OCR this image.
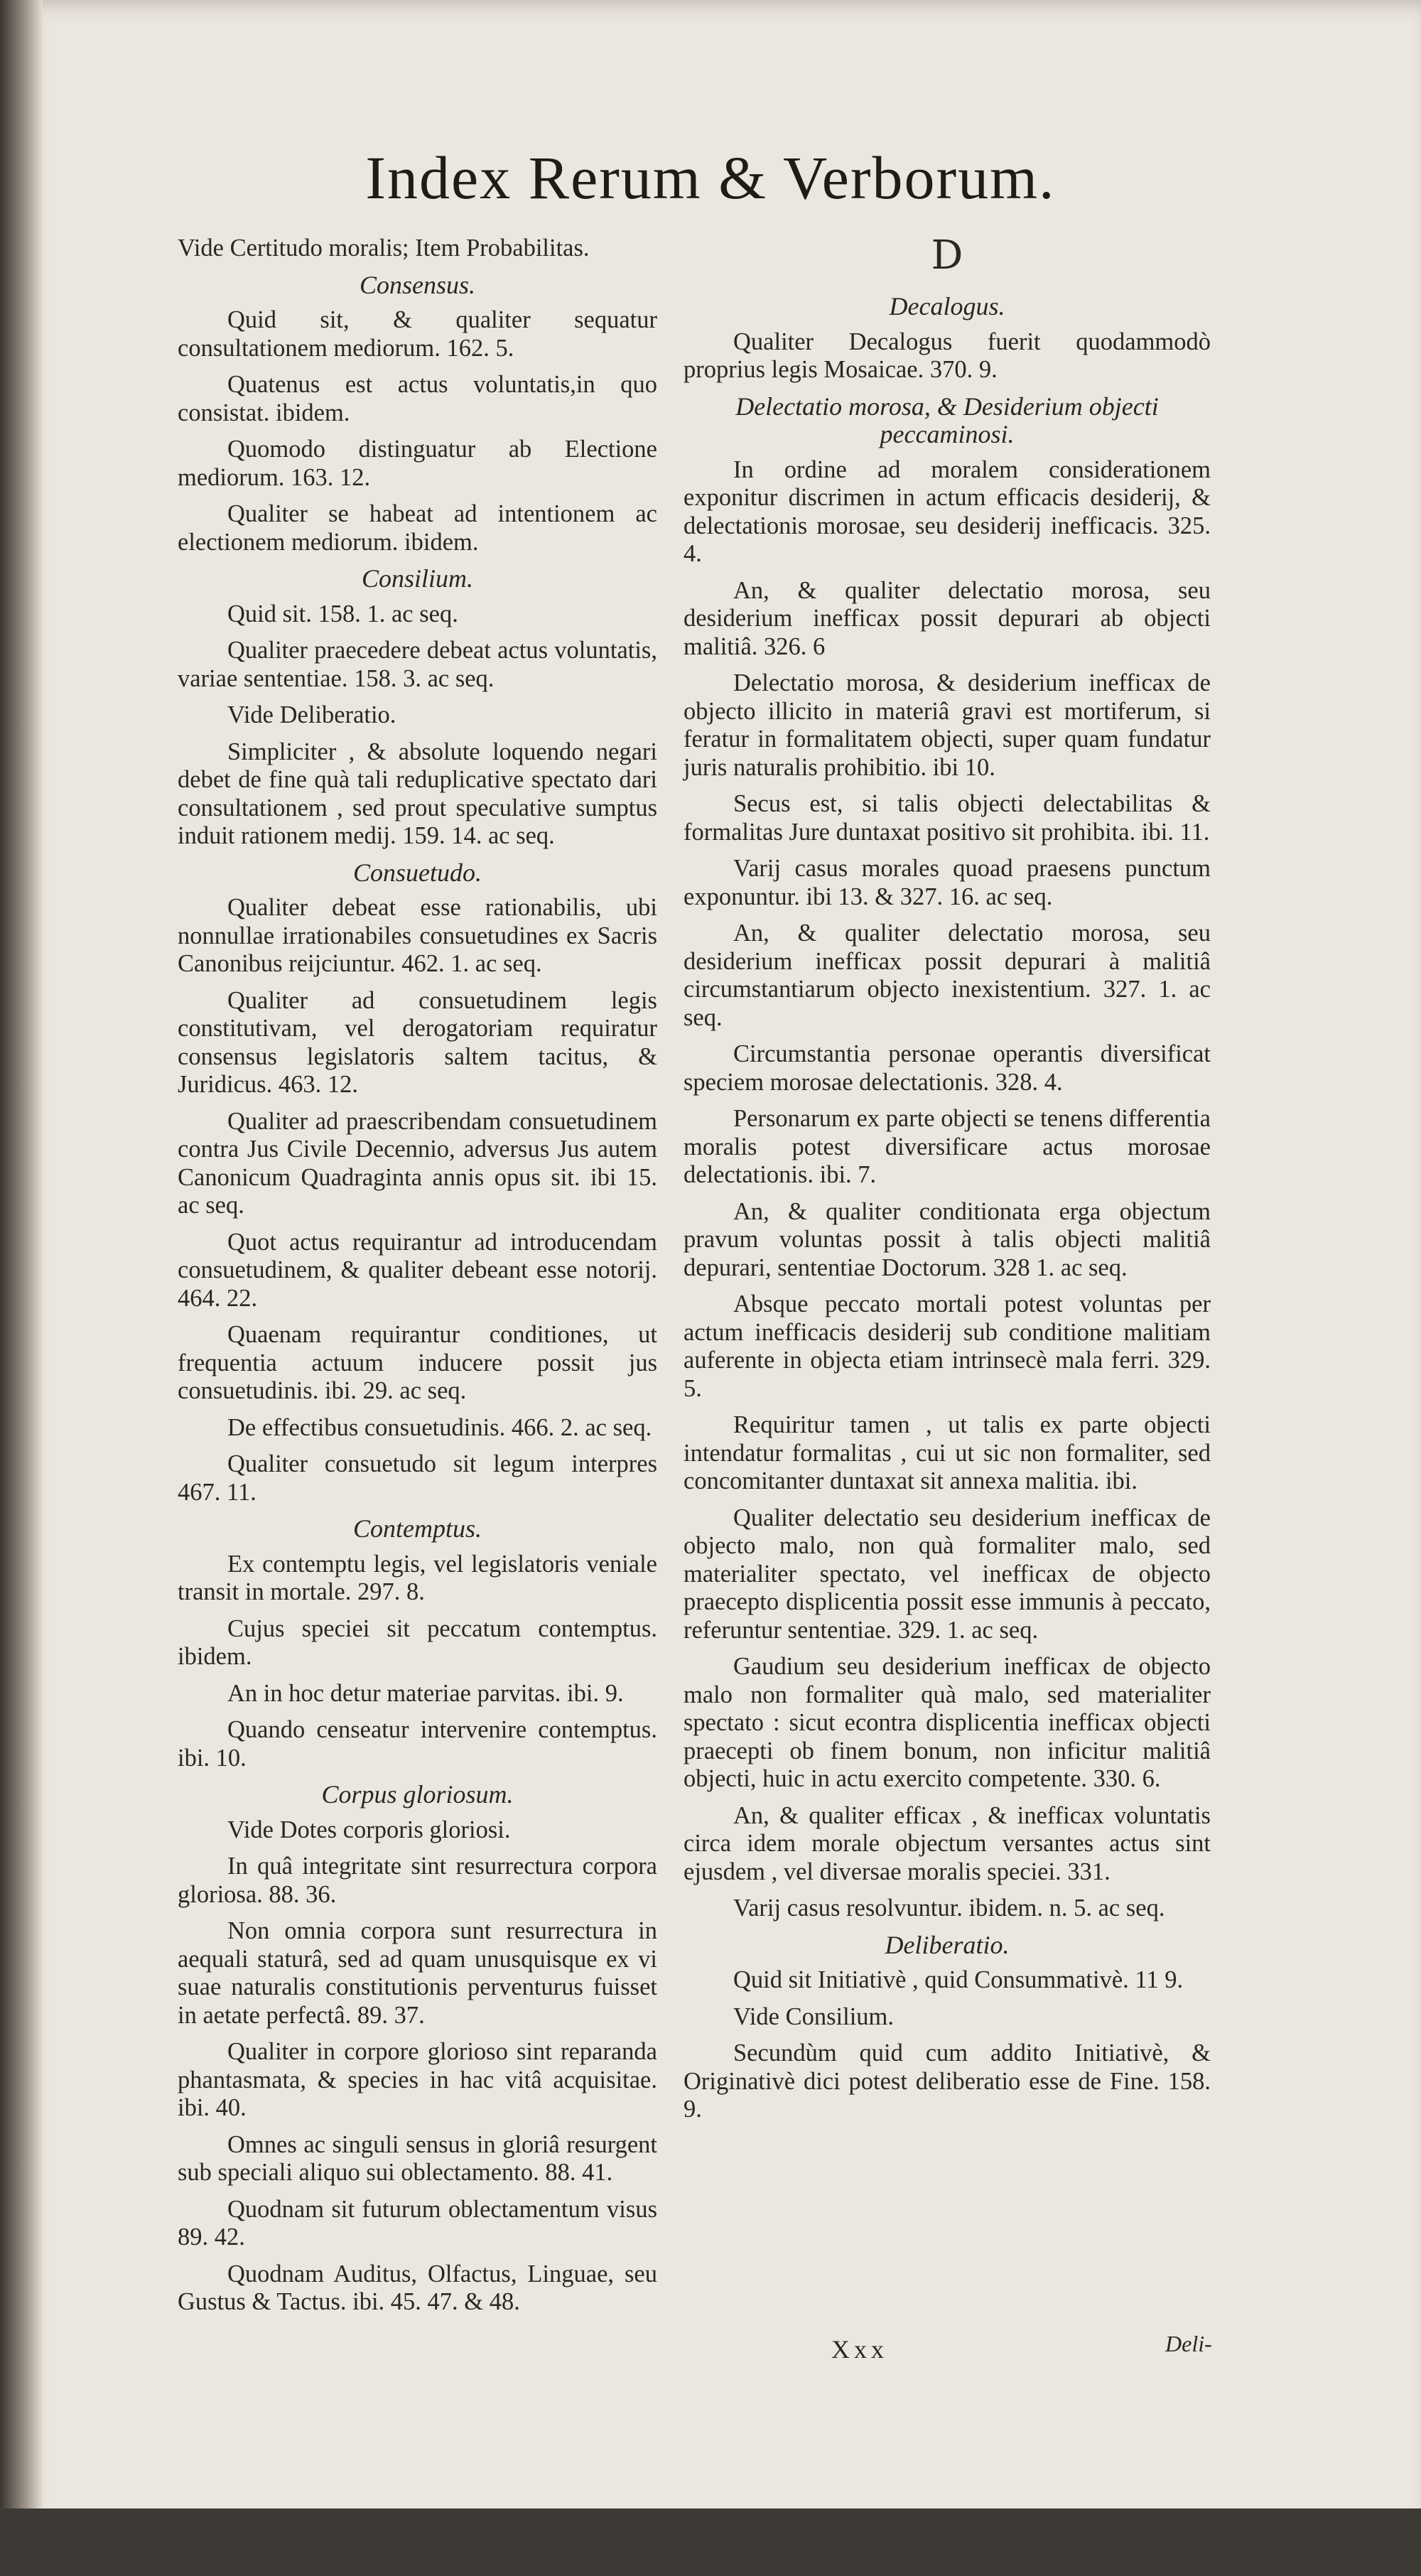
Index Rerum & Verborum.
Vide Certitudo moralis; Item Probabilitas.
Consensus.
Quid sit, & qualiter sequatur consultationem mediorum. 162. 5.
Quatenus est actus voluntatis,in quo consistat. ibidem.
Quomodo distinguatur ab Electione mediorum. 163. 12.
Qualiter se habeat ad intentionem ac electionem mediorum. ibidem.
Consilium.
Quid sit. 158. 1. ac seq.
Qualiter praecedere debeat actus voluntatis, variae sententiae. 158. 3. ac seq.
Vide Deliberatio.
Simpliciter , & absolute loquendo negari debet de fine quà tali reduplicative spectato dari consultationem , sed prout speculative sumptus induit rationem medij. 159. 14. ac seq.
Consuetudo.
Qualiter debeat esse rationabilis, ubi nonnullae irrationabiles consuetudines ex Sacris Canonibus reijciuntur. 462. 1. ac seq.
Qualiter ad consuetudinem legis constitutivam, vel derogatoriam requiratur consensus legislatoris saltem tacitus, & Juridicus. 463. 12.
Qualiter ad praescribendam consuetudinem contra Jus Civile Decennio, adversus Jus autem Canonicum Quadraginta annis opus sit. ibi 15. ac seq.
Quot actus requirantur ad introducendam consuetudinem, & qualiter debeant esse notorij. 464. 22.
Quaenam requirantur conditiones, ut frequentia actuum inducere possit jus consuetudinis. ibi. 29. ac seq.
De effectibus consuetudinis. 466. 2. ac seq.
Qualiter consuetudo sit legum interpres 467. 11.
Contemptus.
Ex contemptu legis, vel legislatoris veniale transit in mortale. 297. 8.
Cujus speciei sit peccatum contemptus. ibidem.
An in hoc detur materiae parvitas. ibi. 9.
Quando censeatur intervenire contemptus. ibi. 10.
Corpus gloriosum.
Vide Dotes corporis gloriosi.
In quâ integritate sint resurrectura corpora gloriosa. 88. 36.
Non omnia corpora sunt resurrectura in aequali staturâ, sed ad quam unusquisque ex vi suae naturalis constitutionis perventurus fuisset in aetate perfectâ. 89. 37.
Qualiter in corpore glorioso sint reparanda phantasmata, & species in hac vitâ acquisitae. ibi. 40.
Omnes ac singuli sensus in gloriâ resurgent sub speciali aliquo sui oblectamento. 88. 41.
Quodnam sit futurum oblectamentum visus 89. 42.
Quodnam Auditus, Olfactus, Linguae, seu Gustus & Tactus. ibi. 45. 47. & 48.
D
Decalogus.
Qualiter Decalogus fuerit quodammodò proprius legis Mosaicae. 370. 9.
Delectatio morosa, & Desiderium objecti peccaminosi.
In ordine ad moralem considerationem exponitur discrimen in actum efficacis desiderij, & delectationis morosae, seu desiderij inefficacis. 325. 4.
An, & qualiter delectatio morosa, seu desiderium inefficax possit depurari ab objecti malitiâ. 326. 6
Delectatio morosa, & desiderium inefficax de objecto illicito in materiâ gravi est mortiferum, si feratur in formalitatem objecti, super quam fundatur juris naturalis prohibitio. ibi 10.
Secus est, si talis objecti delectabilitas & formalitas Jure duntaxat positivo sit prohibita. ibi. 11.
Varij casus morales quoad praesens punctum exponuntur. ibi 13. & 327. 16. ac seq.
An, & qualiter delectatio morosa, seu desiderium inefficax possit depurari à malitiâ circumstantiarum objecto inexistentium. 327. 1. ac seq.
Circumstantia personae operantis diversificat speciem morosae delectationis. 328. 4.
Personarum ex parte objecti se tenens differentia moralis potest diversificare actus morosae delectationis. ibi. 7.
An, & qualiter conditionata erga objectum pravum voluntas possit à talis objecti malitiâ depurari, sententiae Doctorum. 328 1. ac seq.
Absque peccato mortali potest voluntas per actum inefficacis desiderij sub conditione malitiam auferente in objecta etiam intrinsecè mala ferri. 329. 5.
Requiritur tamen , ut talis ex parte objecti intendatur formalitas , cui ut sic non formaliter, sed concomitanter duntaxat sit annexa malitia. ibi.
Qualiter delectatio seu desiderium inefficax de objecto malo, non quà formaliter malo, sed materialiter spectato, vel inefficax de objecto praecepto displicentia possit esse immunis à peccato, referuntur sententiae. 329. 1. ac seq.
Gaudium seu desiderium inefficax de objecto malo non formaliter quà malo, sed materialiter spectato : sicut econtra displicentia inefficax objecti praecepti ob finem bonum, non inficitur malitiâ objecti, huic in actu exercito competente. 330. 6.
An, & qualiter efficax , & inefficax voluntatis circa idem morale objectum versantes actus sint ejusdem , vel diversae moralis speciei. 331.
Varij casus resolvuntur. ibidem. n. 5. ac seq.
Deliberatio.
Quid sit Initiativè , quid Consummativè. 11 9.
Vide Consilium.
Secundùm quid cum addito Initiativè, & Originativè dici potest deliberatio esse de Fine. 158. 9.
Xxx	Deli-
